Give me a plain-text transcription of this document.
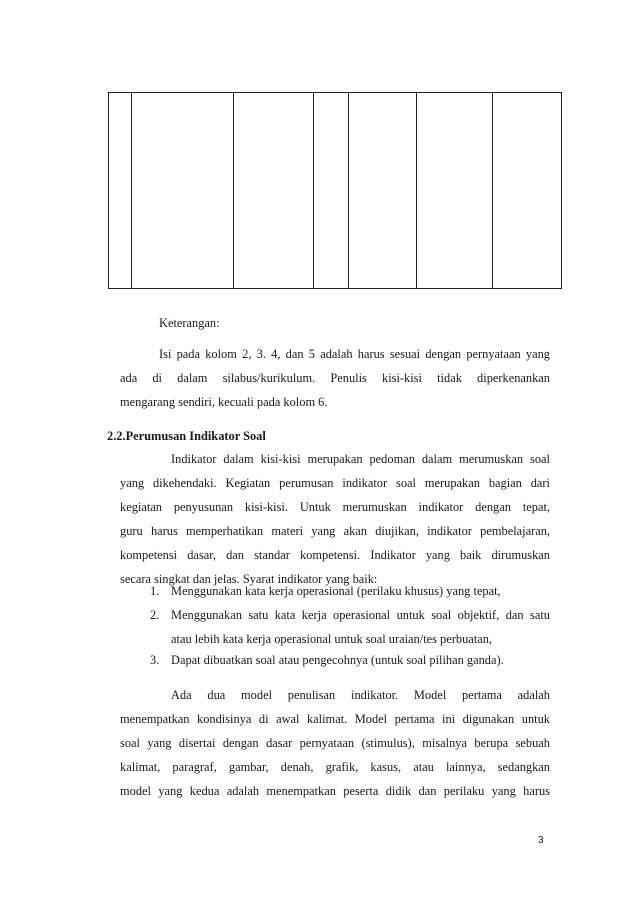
Keterangan:
Isi pada kolom 2, 3. 4, dan 5 adalah harus sesuai dengan pernyataan yang
ada di dalam silabus/kurikulum. Penulis kisi-kisi tidak diperkenankan
mengarang sendiri, kecuali pada kolom 6.
2.2.Perumusan Indikator Soal
Indikator dalam kisi-kisi merupakan pedoman dalam merumuskan soal
yang dikehendaki. Kegiatan perumusan indikator soal merupakan bagian dari
kegiatan penyusunan kisi-kisi. Untuk merumuskan indikator dengan tepat,
guru harus memperhatikan materi yang akan diujikan, indikator pembelajaran,
kompetensi dasar, dan standar kompetensi. Indikator yang baik dirumuskan
secara singkat dan jelas. Syarat indikator yang baik:
1. Menggunakan kata kerja operasional (perilaku khusus) yang tepat,
2. Menggunakan satu kata kerja operasional untuk soal objektif, dan satu
atau lebih kata kerja operasional untuk soal uraian/tes perbuatan,
3. Dapat dibuatkan soal atau pengecohnya (untuk soal pilihan ganda).
Ada dua model penulisan indikator. Model pertama adalah
menempatkan kondisinya di awal kalimat. Model pertama ini digunakan untuk
soal yang disertai dengan dasar pernyataan (stimulus), misalnya berupa sebuah
kalimat, paragraf, gambar, denah, grafik, kasus, atau lainnya, sedangkan
model yang kedua adalah menempatkan peserta didik dan perilaku yang harus
3
